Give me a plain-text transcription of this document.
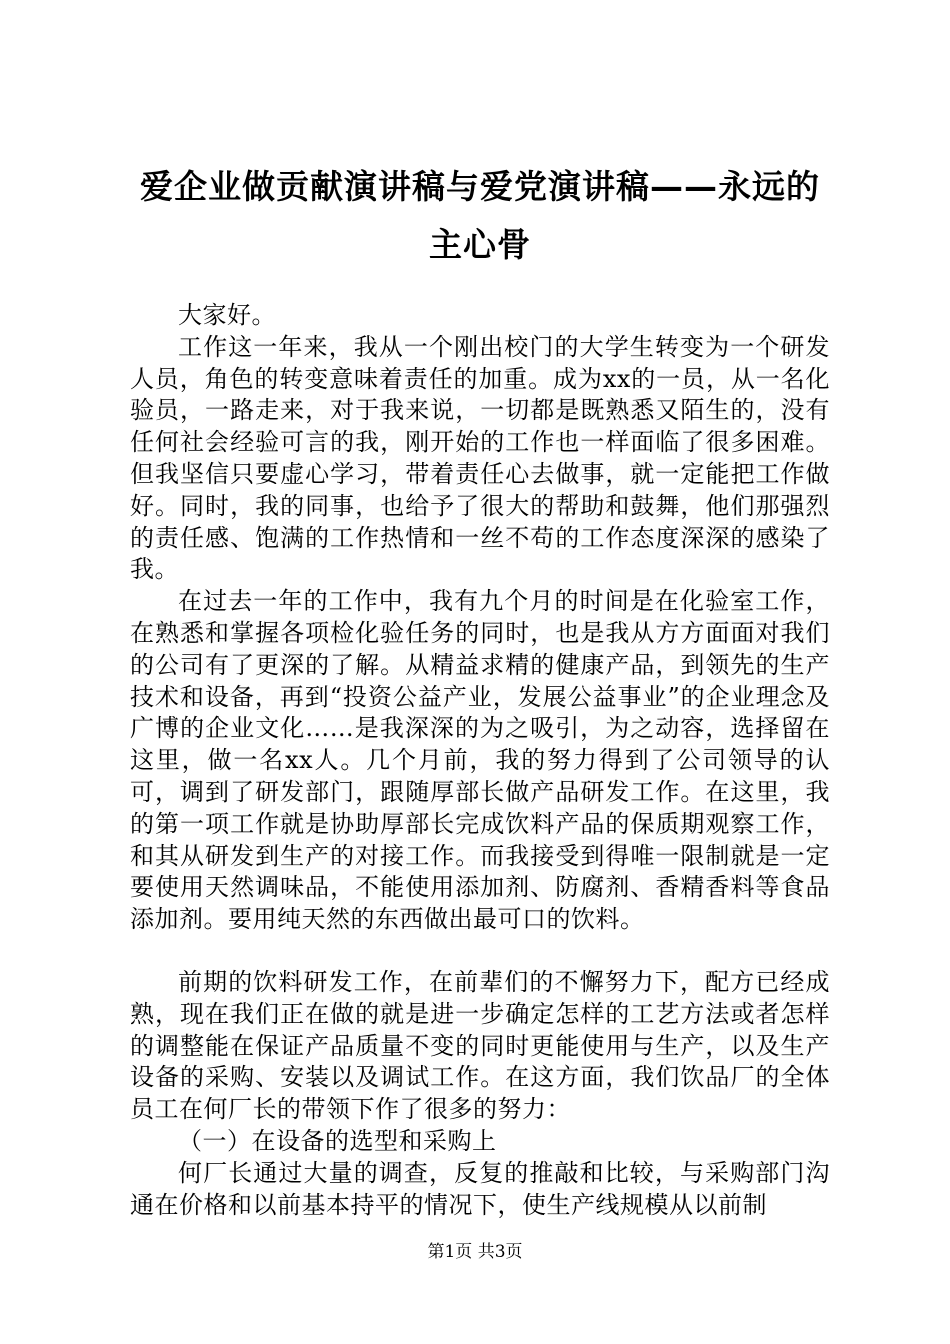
爱企业做贡献演讲稿与爱党演讲稿——永远的
主心骨

大家好。

工作这一年来，我从一个刚出校门的大学生转变为一个研发人员，角色的转变意味着责任的加重。成为xx的一员，从一名化验员，一路走来，对于我来说，一切都是既熟悉又陌生的，没有任何社会经验可言的我，刚开始的工作也一样面临了很多困难。但我坚信只要虚心学习，带着责任心去做事，就一定能把工作做好。同时，我的同事，也给予了很大的帮助和鼓舞，他们那强烈的责任感、饱满的工作热情和一丝不苟的工作态度深深的感染了我。

在过去一年的工作中，我有九个月的时间是在化验室工作，在熟悉和掌握各项检化验任务的同时，也是我从方方面面对我们的公司有了更深的了解。从精益求精的健康产品，到领先的生产技术和设备，再到“投资公益产业，发展公益事业”的企业理念及广博的企业文化……是我深深的为之吸引，为之动容，选择留在这里，做一名xx人。几个月前，我的努力得到了公司领导的认可，调到了研发部门，跟随厚部长做产品研发工作。在这里，我的第一项工作就是协助厚部长完成饮料产品的保质期观察工作，和其从研发到生产的对接工作。而我接受到得唯一限制就是一定要使用天然调味品，不能使用添加剂、防腐剂、香精香料等食品添加剂。要用纯天然的东西做出最可口的饮料。

前期的饮料研发工作，在前辈们的不懈努力下，配方已经成熟，现在我们正在做的就是进一步确定怎样的工艺方法或者怎样的调整能在保证产品质量不变的同时更能使用与生产，以及生产设备的采购、安装以及调试工作。在这方面，我们饮品厂的全体员工在何厂长的带领下作了很多的努力：

（一）在设备的选型和采购上

何厂长通过大量的调查，反复的推敲和比较，与采购部门沟通在价格和以前基本持平的情况下，使生产线规模从以前制

第1页 共3页
